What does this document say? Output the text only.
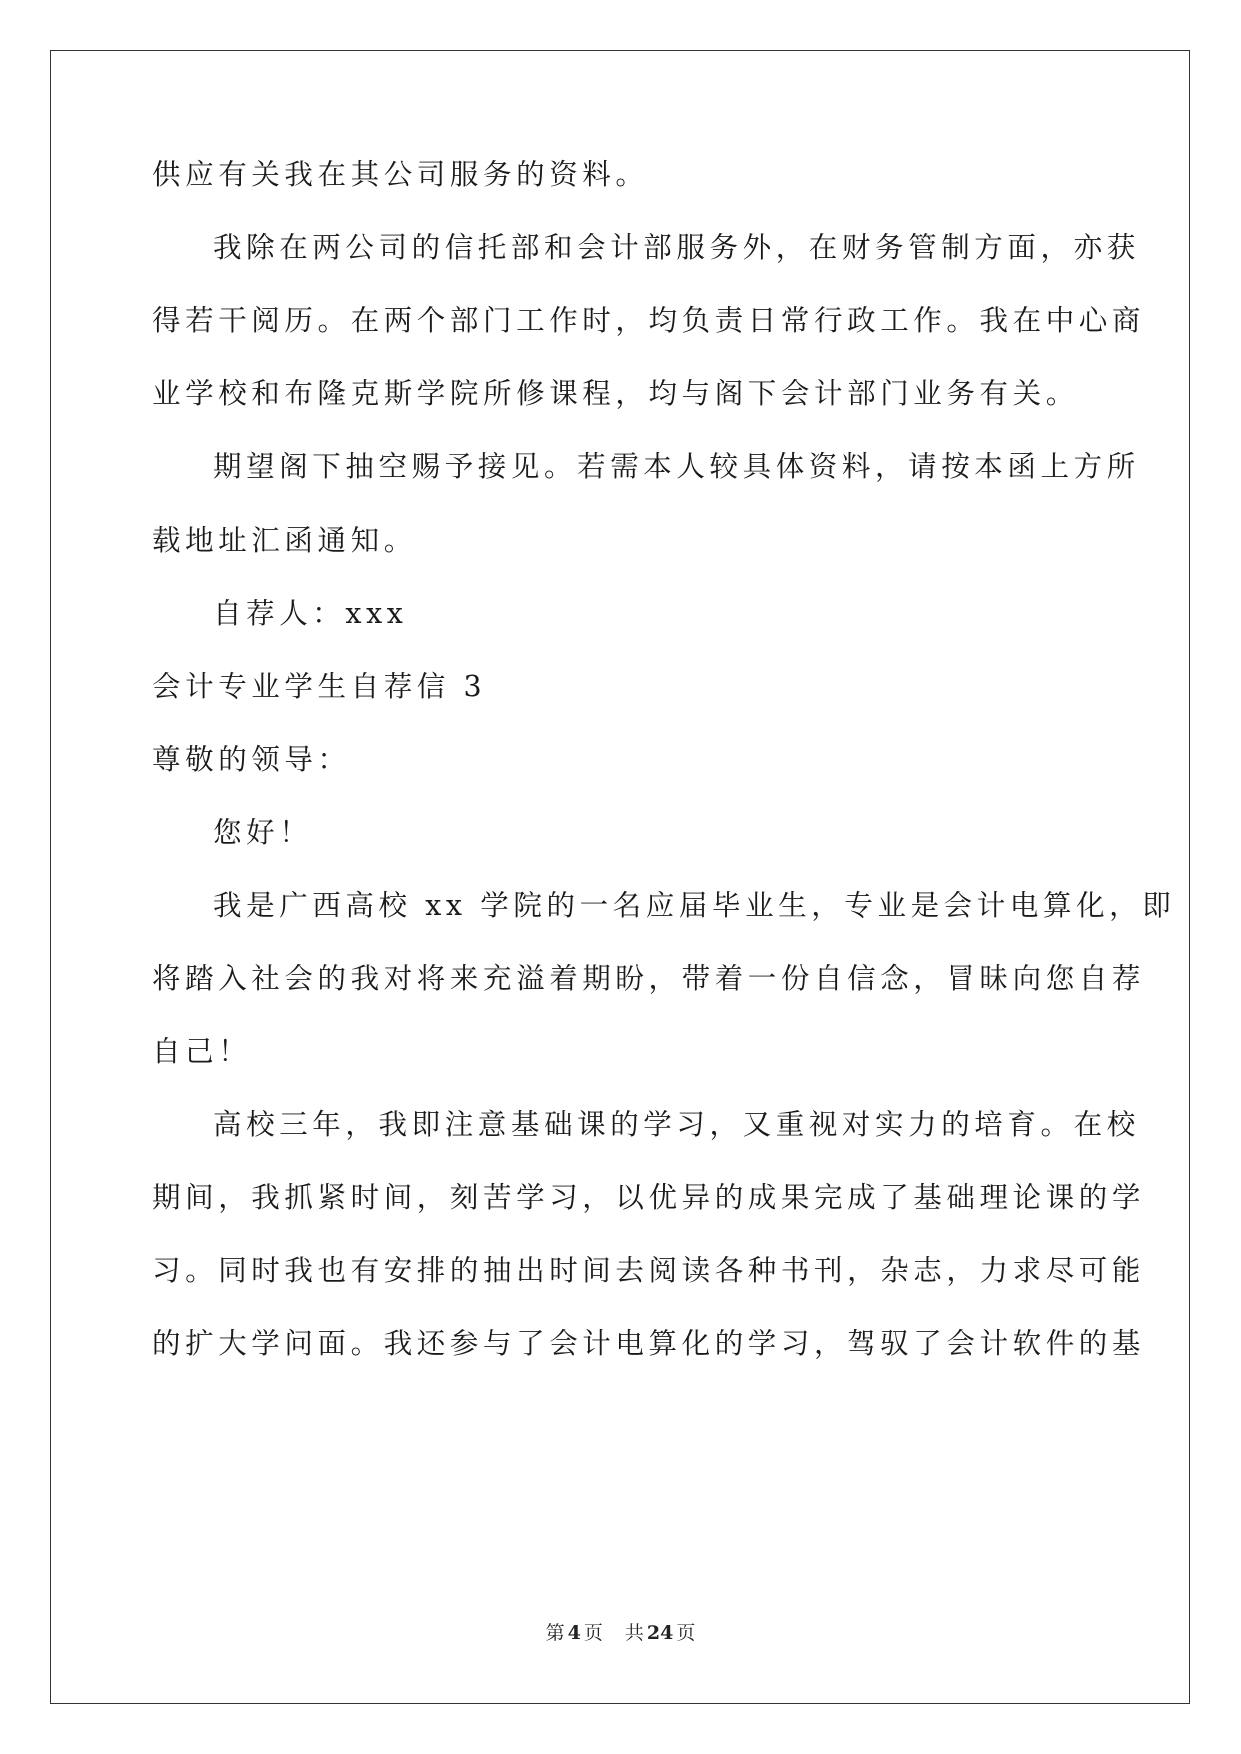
供应有关我在其公司服务的资料。
我除在两公司的信托部和会计部服务外，在财务管制方面，亦获
得若干阅历。在两个部门工作时，均负责日常行政工作。我在中心商
业学校和布隆克斯学院所修课程，均与阁下会计部门业务有关。
期望阁下抽空赐予接见。若需本人较具体资料，请按本函上方所
载地址汇函通知。
自荐人：xxx
会计专业学生自荐信 3
尊敬的领导：
您好！
我是广西高校 xx 学院的一名应届毕业生，专业是会计电算化，即
将踏入社会的我对将来充溢着期盼，带着一份自信念，冒昧向您自荐
自己！
高校三年，我即注意基础课的学习，又重视对实力的培育。在校
期间，我抓紧时间，刻苦学习，以优异的成果完成了基础理论课的学
习。同时我也有安排的抽出时间去阅读各种书刊，杂志，力求尽可能
的扩大学问面。我还参与了会计电算化的学习，驾驭了会计软件的基
第 4 页 共 24 页
